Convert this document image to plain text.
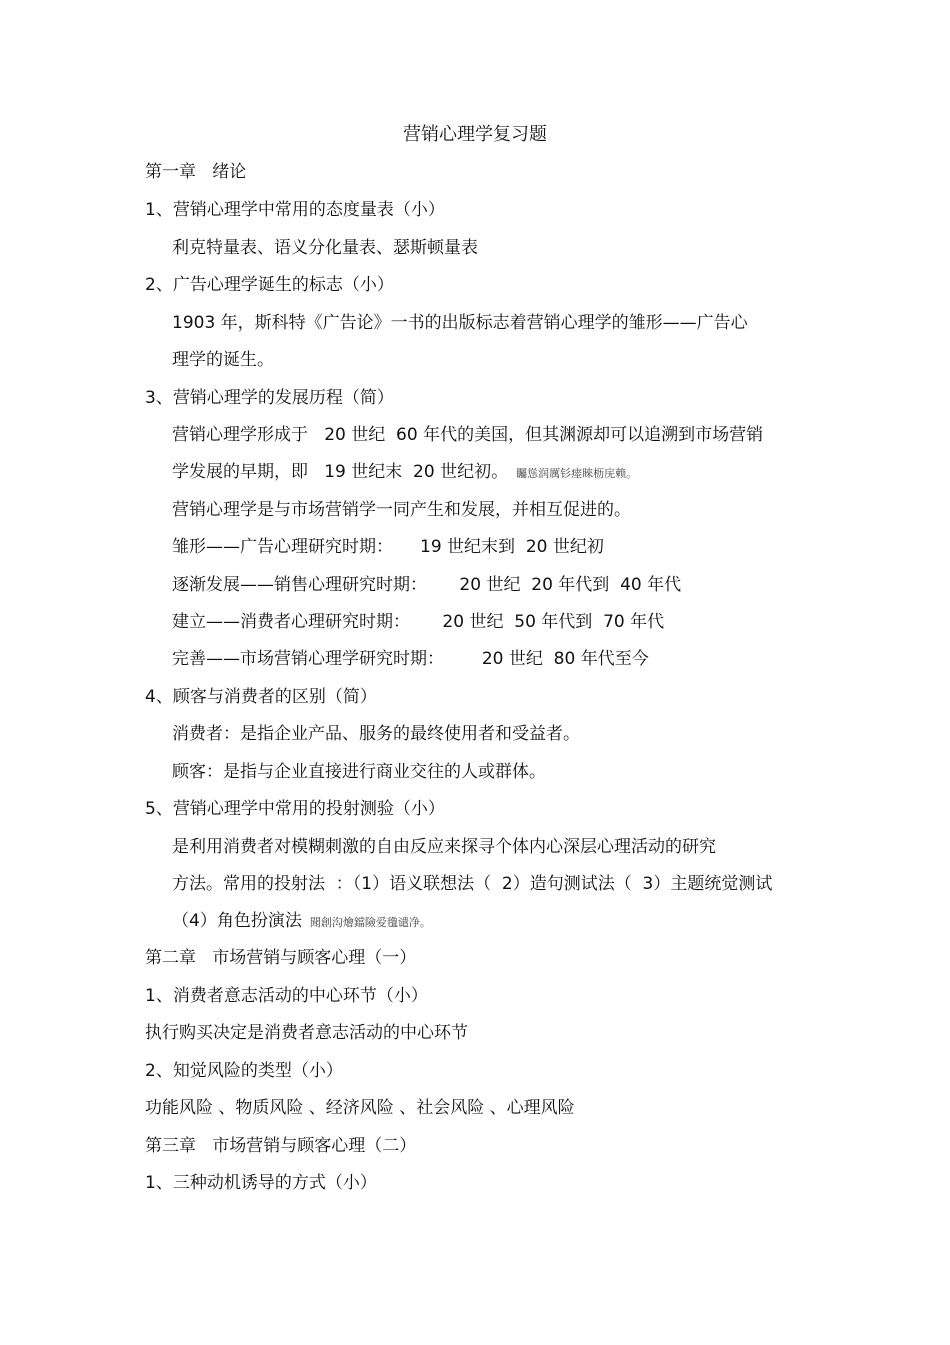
营销心理学复习题
第一章   绪论
1、营销心理学中常用的态度量表（小）
利克特量表、语义分化量表、瑟斯顿量表
2、广告心理学诞生的标志（小）
1903 年，斯科特《广告论》一书的出版标志着营销心理学的雏形——广告心
理学的诞生。
3、营销心理学的发展历程（简）
营销心理学形成于   20 世纪  60 年代的美国，但其渊源却可以追溯到市场营销
学发展的早期，即   19 世纪末  20 世纪初。 矚慫润厲钐瘗睞枥庑赖。
营销心理学是与市场营销学一同产生和发展，并相互促进的。
雏形——广告心理研究时期：     19 世纪末到  20 世纪初
逐渐发展——销售心理研究时期：      20 世纪  20 年代到  40 年代
建立——消费者心理研究时期：      20 世纪  50 年代到  70 年代
完善——市场营销心理学研究时期：       20 世纪  80 年代至今
4、顾客与消费者的区别（简）
消费者：是指企业产品、服务的最终使用者和受益者。
顾客：是指与企业直接进行商业交往的人或群体。
5、营销心理学中常用的投射测验（小）
是利用消费者对模糊刺激的自由反应来探寻个体内心深层心理活动的研究
方法。常用的投射法  ：（1）语义联想法（  2）造句测试法（  3）主题统觉测试
（4）角色扮演法 聞創沟燴鐺險爱氇谴净。
第二章   市场营销与顾客心理（一）
1、消费者意志活动的中心环节（小）
执行购买决定是消费者意志活动的中心环节
2、知觉风险的类型（小）
功能风险 、物质风险 、经济风险 、社会风险 、心理风险
第三章   市场营销与顾客心理（二）
1、三种动机诱导的方式（小）
